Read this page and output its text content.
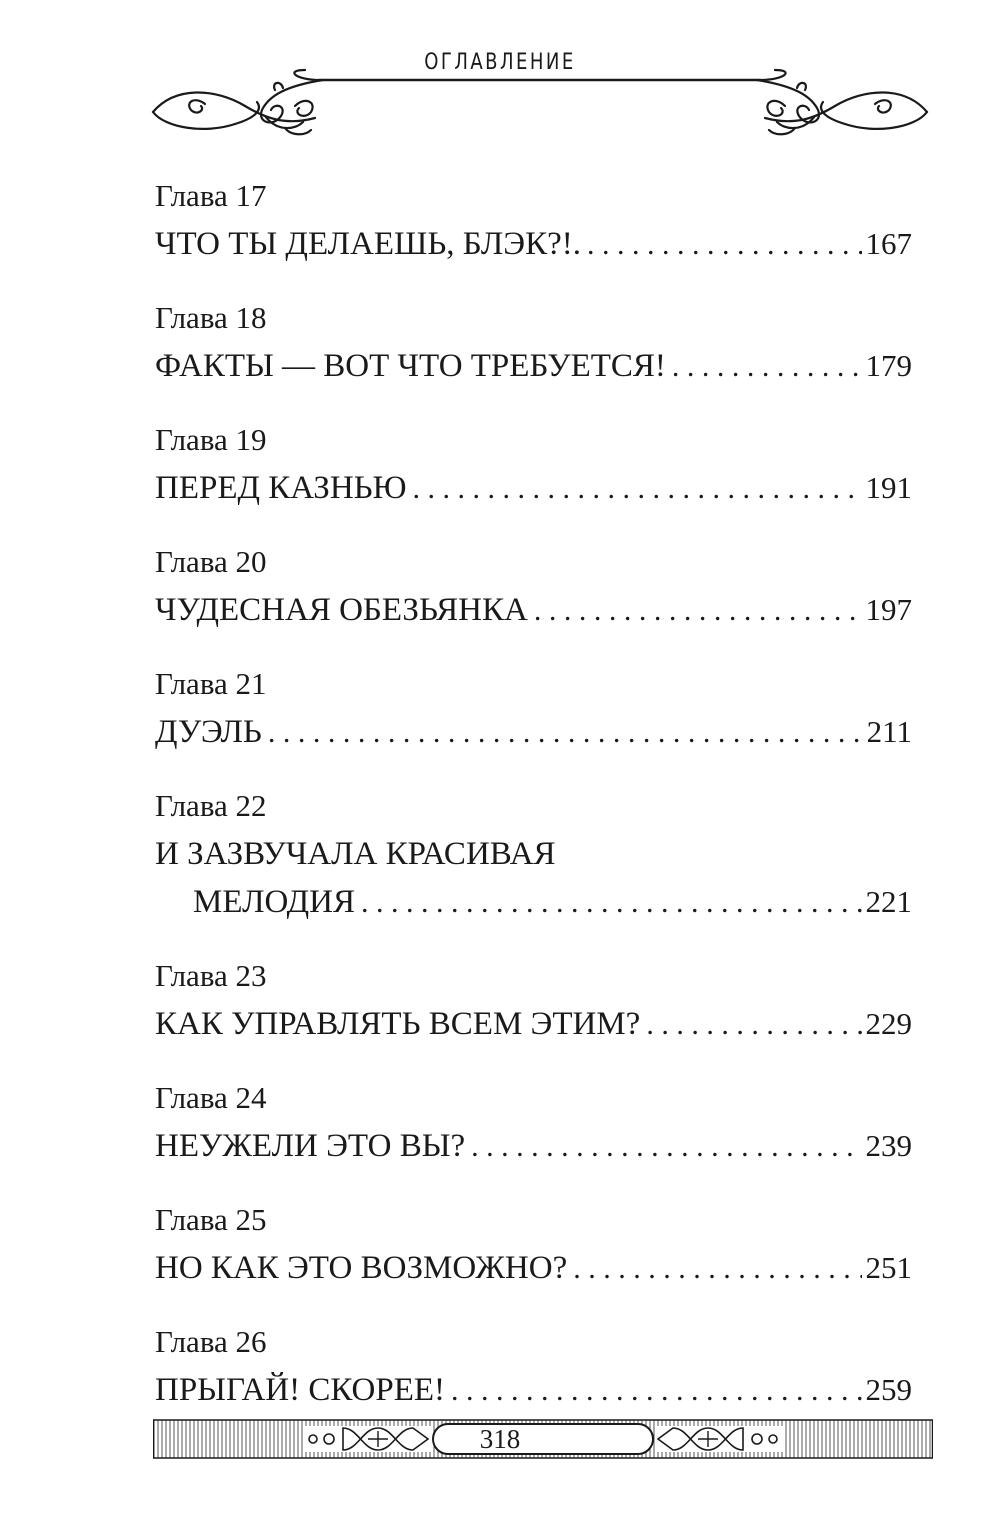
ОГЛАВЛЕНИЕ
Глава 17
ЧТО ТЫ ДЕЛАЕШЬ, БЛЭК?!. . . .	167
Глава 18
ФАКТЫ — ВОТ ЧТО ТРЕБУЕТСЯ! . . .	179
Глава 19
ПЕРЕД КАЗНЬЮ . . .	191
Глава 20
ЧУДЕСНАЯ ОБЕЗЬЯНКА . . .	197
Глава 21
ДУЭЛЬ . . .	211
Глава 22
И ЗАЗВУЧАЛА КРАСИВАЯ
МЕЛОДИЯ . . .	221
Глава 23
КАК УПРАВЛЯТЬ ВСЕМ ЭТИМ? . . .	229
Глава 24
НЕУЖЕЛИ ЭТО ВЫ? . . .	239
Глава 25
НО КАК ЭТО ВОЗМОЖНО? . . .	251
Глава 26
ПРЫГАЙ! СКОРЕЕ! . . .	259
318
